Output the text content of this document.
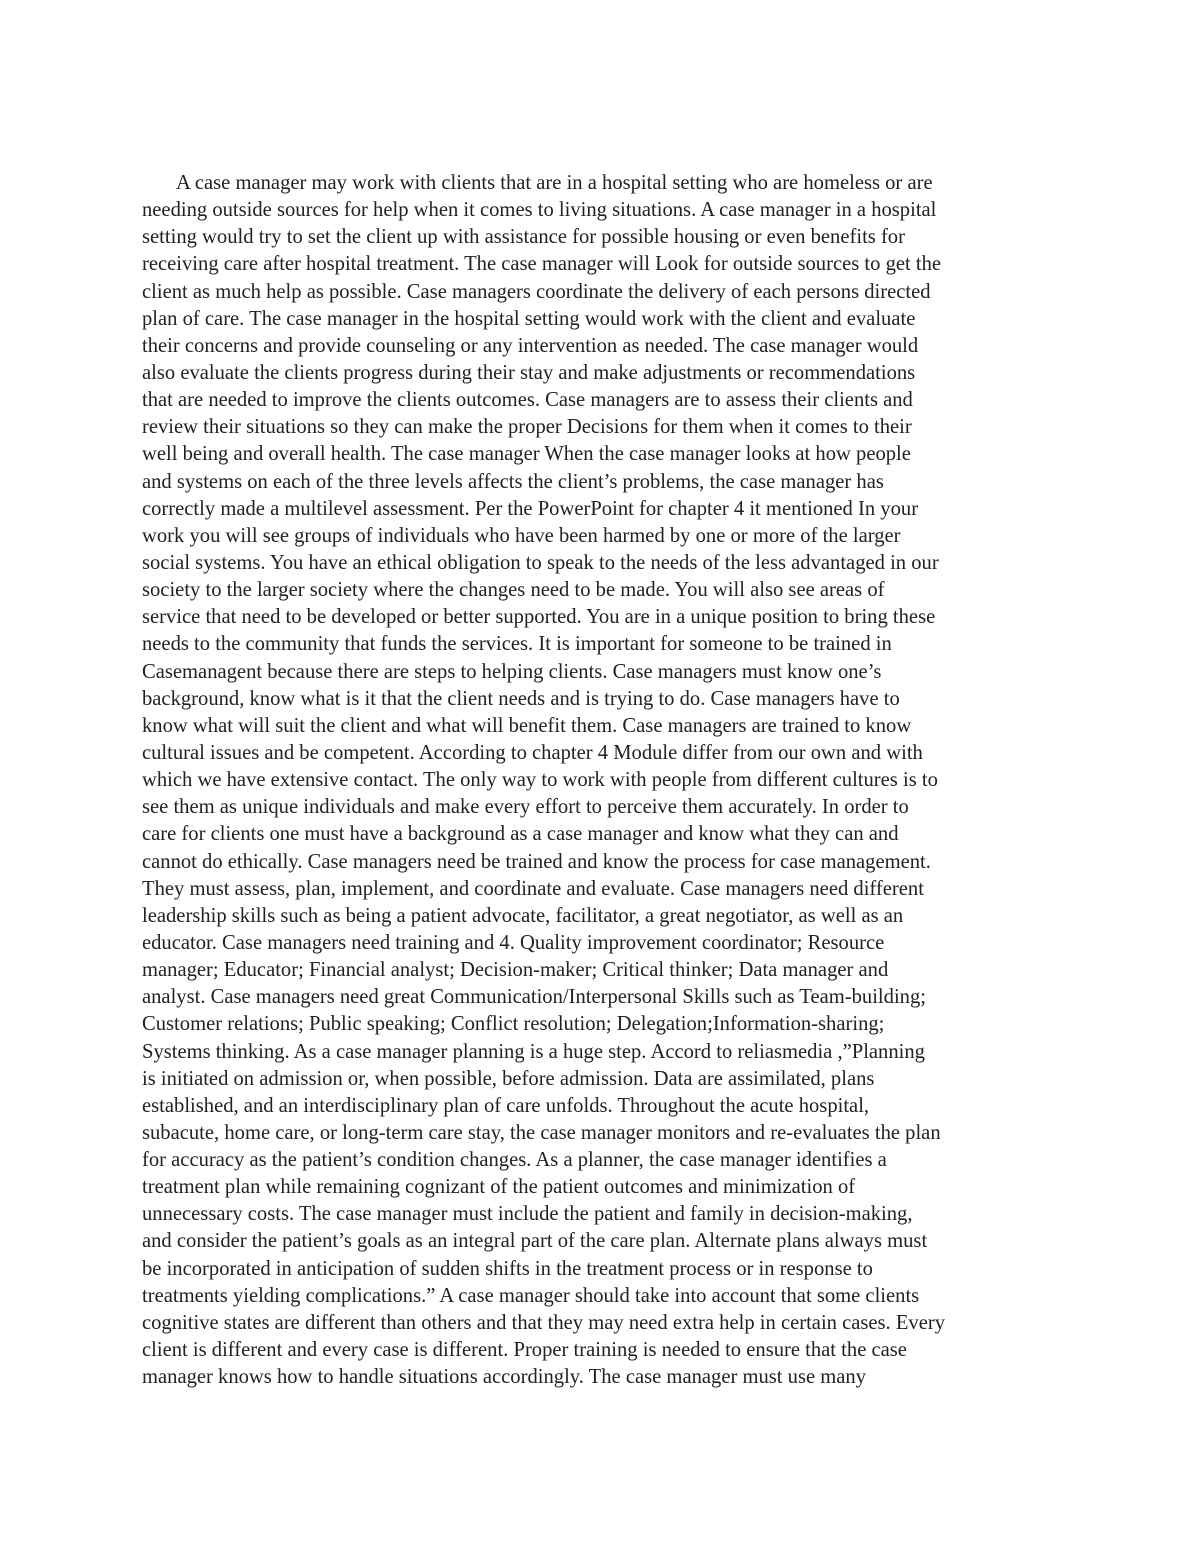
A case manager may work with clients that are in a hospital setting who are homeless or are
needing outside sources for help when it comes to living situations. A case manager in a hospital
setting would try to set the client up with assistance for possible housing or even benefits for
receiving care after hospital treatment. The case manager will Look for outside sources to get the
client as much help as possible. Case managers coordinate the delivery of each persons directed
plan of care. The case manager in the hospital setting would work with the client and evaluate
their concerns and provide counseling or any intervention as needed. The case manager would
also evaluate the clients progress during their stay and make adjustments or recommendations
that are needed to improve the clients outcomes. Case managers are to assess their clients and
review their situations so they can make the proper Decisions for them when it comes to their
well being and overall health. The case manager When the case manager looks at how people
and systems on each of the three levels affects the client’s problems, the case manager has
correctly made a multilevel assessment. Per the PowerPoint for chapter 4 it mentioned In your
work you will see groups of individuals who have been harmed by one or more of the larger
social systems. You have an ethical obligation to speak to the needs of the less advantaged in our
society to the larger society where the changes need to be made. You will also see areas of
service that need to be developed or better supported. You are in a unique position to bring these
needs to the community that funds the services. It is important for someone to be trained in
Casemanagent because there are steps to helping clients. Case managers must know one’s
background, know what is it that the client needs and is trying to do. Case managers have to
know what will suit the client and what will benefit them. Case managers are trained to know
cultural issues and be competent. According to chapter 4 Module differ from our own and with
which we have extensive contact. The only way to work with people from different cultures is to
see them as unique individuals and make every effort to perceive them accurately. In order to
care for clients one must have a background as a case manager and know what they can and
cannot do ethically. Case managers need be trained and know the process for case management.
They must assess, plan, implement, and coordinate and evaluate. Case managers need different
leadership skills such as being a patient advocate, facilitator, a great negotiator, as well as an
educator. Case managers need training and 4. Quality improvement coordinator; Resource
manager; Educator; Financial analyst; Decision-maker; Critical thinker; Data manager and
analyst. Case managers need great Communication/Interpersonal Skills such as Team-building;
Customer relations; Public speaking; Conflict resolution; Delegation;Information-sharing;
Systems thinking. As a case manager planning is a huge step. Accord to reliasmedia ,”Planning
is initiated on admission or, when possible, before admission. Data are assimilated, plans
established, and an interdisciplinary plan of care unfolds. Throughout the acute hospital,
subacute, home care, or long-term care stay, the case manager monitors and re-evaluates the plan
for accuracy as the patient’s condition changes. As a planner, the case manager identifies a
treatment plan while remaining cognizant of the patient outcomes and minimization of
unnecessary costs. The case manager must include the patient and family in decision-making,
and consider the patient’s goals as an integral part of the care plan. Alternate plans always must
be incorporated in anticipation of sudden shifts in the treatment process or in response to
treatments yielding complications.” A case manager should take into account that some clients
cognitive states are different than others and that they may need extra help in certain cases. Every
client is different and every case is different. Proper training is needed to ensure that the case
manager knows how to handle situations accordingly. The case manager must use many
